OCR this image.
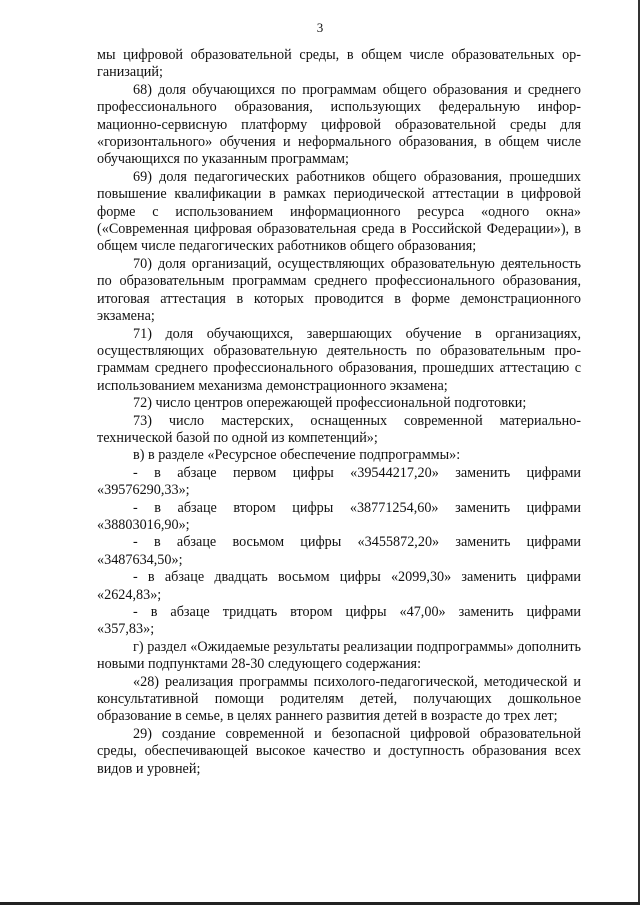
3

мы цифровой образовательной среды, в общем числе образовательных организаций;

68) доля обучающихся по программам общего образования и среднего профессионального образования, использующих федеральную информационно-сервисную платформу цифровой образовательной среды для «горизонтального» обучения и неформального образования, в общем числе обучающихся по указанным программам;

69) доля педагогических работников общего образования, прошедших повышение квалификации в рамках периодической аттестации в цифровой форме с использованием информационного ресурса «одного окна» («Современная цифровая образовательная среда в Российской Федерации»), в общем числе педагогических работников общего образования;

70) доля организаций, осуществляющих образовательную деятельность по образовательным программам среднего профессионального образования, итоговая аттестация в которых проводится в форме демонстрационного экзамена;

71) доля обучающихся, завершающих обучение в организациях, осуществляющих образовательную деятельность по образовательным программам среднего профессионального образования, прошедших аттестацию с использованием механизма демонстрационного экзамена;

72) число центров опережающей профессиональной подготовки;

73) число мастерских, оснащенных современной материально-технической базой по одной из компетенций»;

в) в разделе «Ресурсное обеспечение подпрограммы»:

- в абзаце первом цифры «39544217,20» заменить цифрами «39576290,33»;

- в абзаце втором цифры «38771254,60» заменить цифрами «38803016,90»;

- в абзаце восьмом цифры «3455872,20» заменить цифрами «3487634,50»;

- в абзаце двадцать восьмом цифры «2099,30» заменить цифрами «2624,83»;

- в абзаце тридцать втором цифры «47,00» заменить цифрами «357,83»;

г) раздел «Ожидаемые результаты реализации подпрограммы» дополнить новыми подпунктами 28-30 следующего содержания:

«28) реализация программы психолого-педагогической, методической и консультативной помощи родителям детей, получающих дошкольное образование в семье, в целях раннего развития детей в возрасте до трех лет;

29) создание современной и безопасной цифровой образовательной среды, обеспечивающей высокое качество и доступность образования всех видов и уровней;
